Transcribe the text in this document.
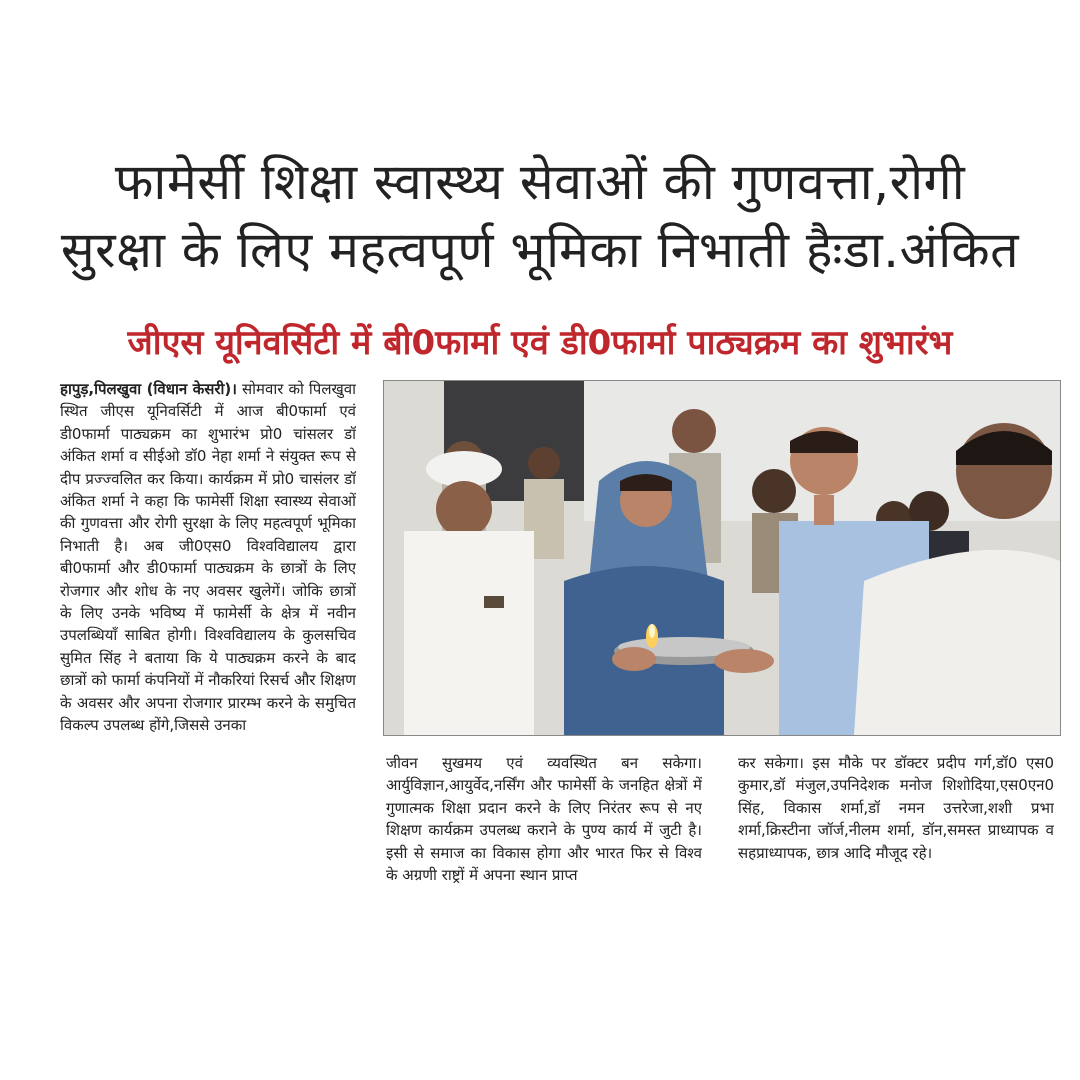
फामेर्सी शिक्षा स्वास्थ्य सेवाओं की गुणवत्ता,रोगी
सुरक्षा के लिए महत्वपूर्ण भूमिका निभाती हैःडा.अंकित
जीएस यूनिवर्सिटी में बी0फार्मा एवं डी0फार्मा पाठ्यक्रम का शुभारंभ
हापुड़,पिलखुवा (विधान केसरी)। सोमवार को पिलखुवा स्थित जीएस यूनिवर्सिटी में आज बी0फार्मा एवं डी0फार्मा पाठ्यक्रम का शुभारंभ प्रो0 चांसलर डॉ अंकित शर्मा व सीईओ डॉ0 नेहा शर्मा ने संयुक्त रूप से दीप प्रज्ज्वलित कर किया। कार्यक्रम में प्रो0 चासंलर डॉ अंकित शर्मा ने कहा कि फामेर्सी शिक्षा स्वास्थ्य सेवाओं की गुणवत्ता और रोगी सुरक्षा के लिए महत्वपूर्ण भूमिका निभाती है। अब जी0एस0 विश्वविद्यालय द्वारा बी0फार्मा और डी0फार्मा पाठ्यक्रम के छात्रों के लिए रोजगार और शोध के नए अवसर खुलेगें। जोकि छात्रों के लिए उनके भविष्य में फामेर्सी के क्षेत्र में नवीन उपलब्धियाँ साबित होगी। विश्वविद्यालय के कुलसचिव सुमित सिंह ने बताया कि ये पाठ्यक्रम करने के बाद छात्रों को फार्मा कंपनियों में नौकरियां रिसर्च और शिक्षण के अवसर और अपना रोजगार प्रारम्भ करने के समुचित विकल्प उपलब्ध होंगे,जिससे उनका
जीवन सुखमय एवं व्यवस्थित बन सकेगा। आर्युविज्ञान,आयुर्वेद,नर्सिंग और फामेर्सी के जनहित क्षेत्रों में गुणात्मक शिक्षा प्रदान करने के लिए निरंतर रूप से नए शिक्षण कार्यक्रम उपलब्ध कराने के पुण्य कार्य में जुटी है। इसी से समाज का विकास होगा और भारत फिर से विश्व के अग्रणी राष्ट्रों में अपना स्थान प्राप्त
कर सकेगा। इस मौके पर डॉक्टर प्रदीप गर्ग,डॉ0 एस0 कुमार,डॉ मंजुल,उपनिदेशक मनोज शिशोदिया,एस0एन0 सिंह, विकास शर्मा,डॉ नमन उत्तरेजा,शशी प्रभा शर्मा,क्रिस्टीना जॉर्ज,नीलम शर्मा, डॉन,समस्त प्राध्यापक व सहप्राध्यापक, छात्र आदि मौजूद रहे।
